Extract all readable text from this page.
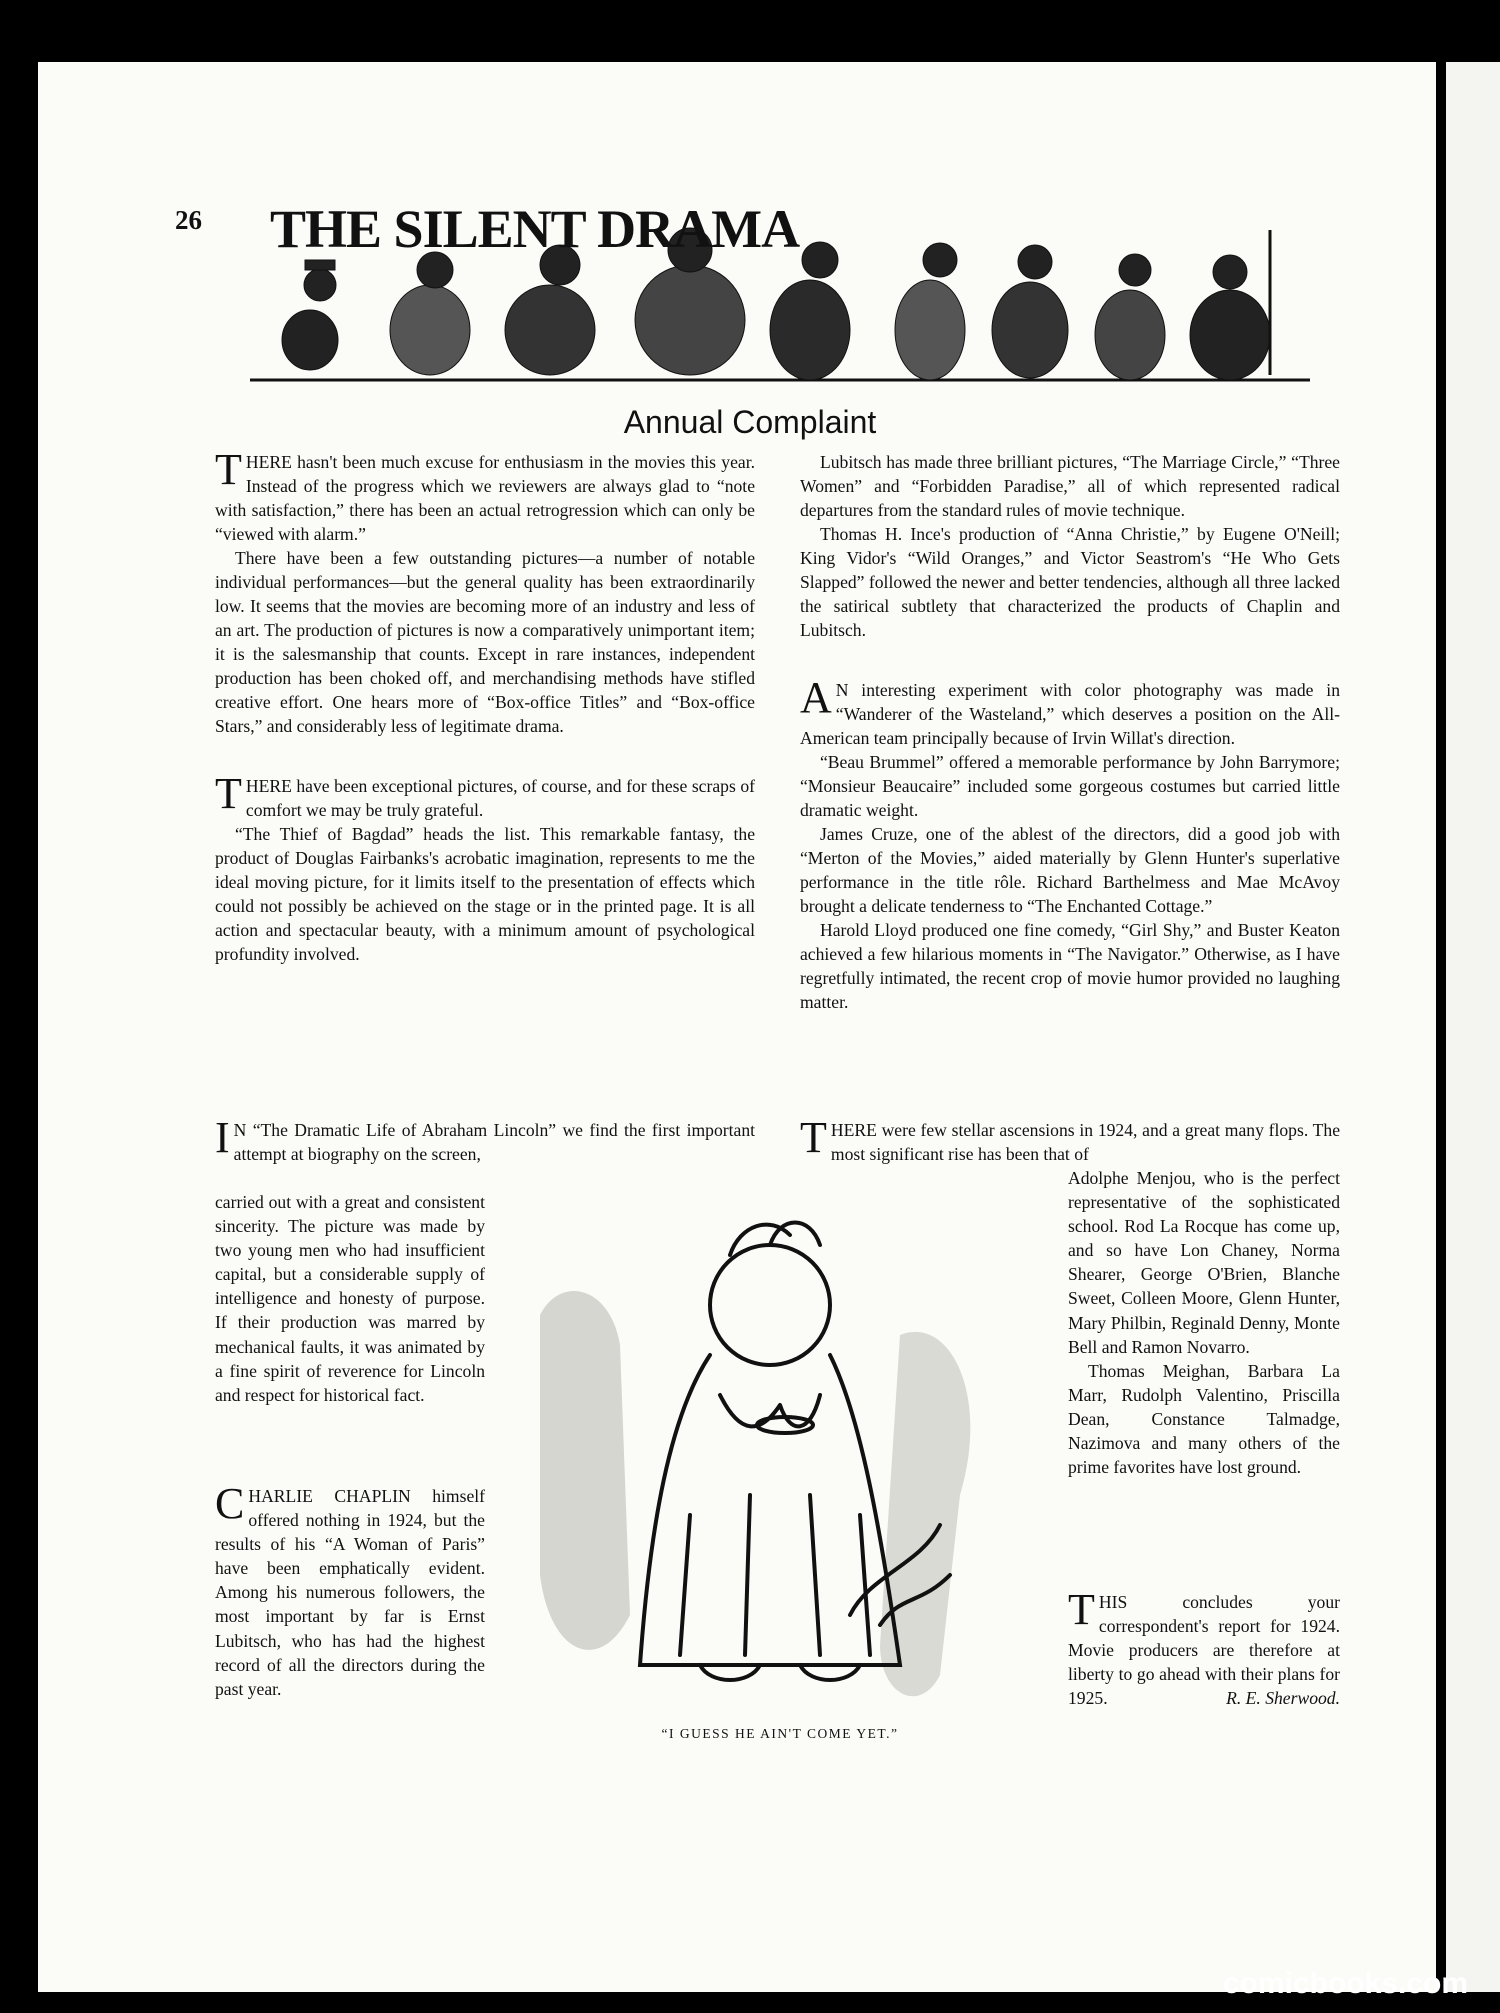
26 THE SILENT DRAMA
Annual Complaint

THERE hasn't been much excuse for enthusiasm in the movies this year. Instead of the progress which we reviewers are always glad to “note with satisfaction,” there has been an actual retrogression which can only be “viewed with alarm.”

There have been a few outstanding pictures—a number of notable individual performances—but the general quality has been extraordinarily low. It seems that the movies are becoming more of an industry and less of an art. The production of pictures is now a comparatively unimportant item; it is the salesmanship that counts. Except in rare instances, independent production has been choked off, and merchandising methods have stifled creative effort. One hears more of “Box-office Titles” and “Box-office Stars,” and considerably less of legitimate drama.

THERE have been exceptional pictures, of course, and for these scraps of comfort we may be truly grateful.

“The Thief of Bagdad” heads the list. This remarkable fantasy, the product of Douglas Fairbanks's acrobatic imagination, represents to me the ideal moving picture, for it limits itself to the presentation of effects which could not possibly be achieved on the stage or in the printed page. It is all action and spectacular beauty, with a minimum amount of psychological profundity involved.

Lubitsch has made three brilliant pictures, “The Marriage Circle,” “Three Women” and “Forbidden Paradise,” all of which represented radical departures from the standard rules of movie technique.

Thomas H. Ince's production of “Anna Christie,” by Eugene O'Neill; King Vidor's “Wild Oranges,” and Victor Seastrom's “He Who Gets Slapped” followed the newer and better tendencies, although all three lacked the satirical subtlety that characterized the products of Chaplin and Lubitsch.

A N interesting experiment with color photography was made in “Wanderer of the Wasteland,” which deserves a position on the All-American team principally because of Irvin Willat's direction.

“Beau Brummel” offered a memorable performance by John Barrymore; “Monsieur Beaucaire” included some gorgeous costumes but carried little dramatic weight.

James Cruze, one of the ablest of the directors, did a good job with “Merton of the Movies,” aided materially by Glenn Hunter's superlative performance in the title rôle. Richard Barthelmess and Mae McAvoy brought a delicate tenderness to “The Enchanted Cottage.”

Harold Lloyd produced one fine comedy, “Girl Shy,” and Buster Keaton achieved a few hilarious moments in “The Navigator.” Otherwise, as I have regretfully intimated, the recent crop of movie humor provided no laughing matter.

I N “The Dramatic Life of Abraham Lincoln” we find the first important attempt at biography on the screen,

carried out with a great and consistent sincerity. The picture was made by two young men who had insufficient capital, but a considerable supply of intelligence and honesty of purpose. If their production was marred by mechanical faults, it was animated by a fine spirit of reverence for Lincoln and respect for historical fact.

CHARLIE CHAPLIN himself offered nothing in 1924, but the results of his “A Woman of Paris” have been emphatically evident. Among his numerous followers, the most important by far is Ernst Lubitsch, who has had the highest record of all the directors during the past year.

THERE were few stellar ascensions in 1924, and a great many flops. The most significant rise has been that of

Adolphe Menjou, who is the perfect representative of the sophisticated school. Rod La Rocque has come up, and so have Lon Chaney, Norma Shearer, George O'Brien, Blanche Sweet, Colleen Moore, Glenn Hunter, Mary Philbin, Reginald Denny, Monte Bell and Ramon Novarro.

Thomas Meighan, Barbara La Marr, Rudolph Valentino, Priscilla Dean, Constance Talmadge, Nazimova and many others of the prime favorites have lost ground.

THIS concludes your correspondent's report for 1924. Movie producers are therefore at liberty to go ahead with their plans for 1925.	R. E. Sherwood.

“I GUESS HE AIN'T COME YET.”
comicbooks.com
